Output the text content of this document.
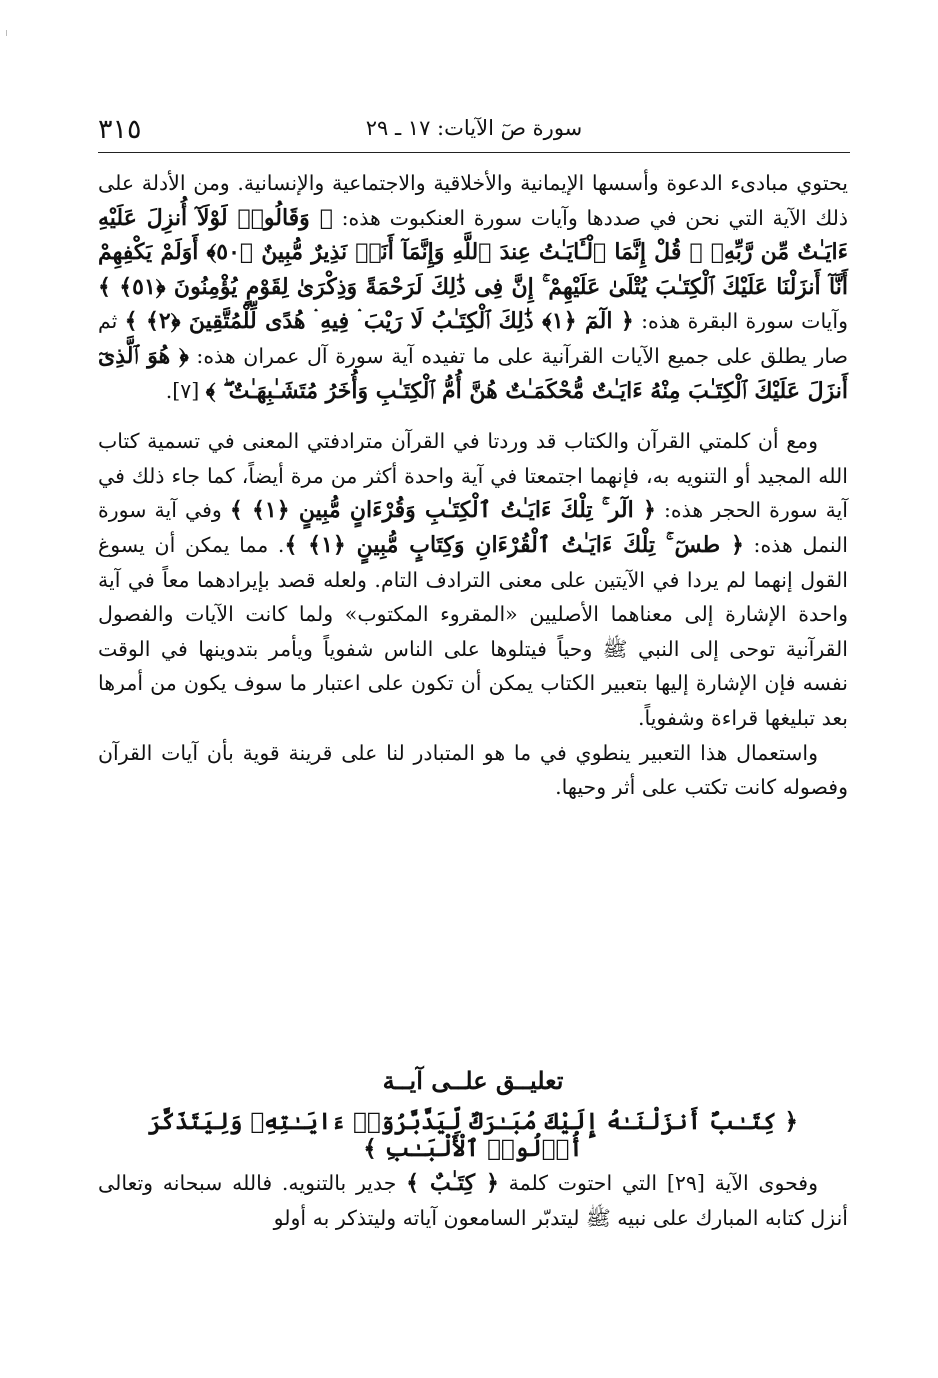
سورة صٓ الآيات: ١٧ ـ ٢٩
٣١٥

يحتوي مبادىء الدعوة وأسسها الإيمانية والأخلاقية والاجتماعية والإنسانية. ومن الأدلة على ذلك الآية التي نحن في صددها وآيات سورة العنكبوت هذه: ﴿ وَقَالُوا۟ لَوْلَآ أُنزِلَ عَلَيْهِ ءَايَـٰتٌ مِّن رَّبِّهِۦ ۖ قُلْ إِنَّمَا ٱلْـَٔايَـٰتُ عِندَ ٱللَّهِ وَإِنَّمَآ أَنَا۠ نَذِيرٌ مُّبِينٌ ﴿٥٠﴾ أَوَلَمْ يَكْفِهِمْ أَنَّآ أَنزَلْنَا عَلَيْكَ ٱلْكِتَـٰبَ يُتْلَىٰ عَلَيْهِمْ ۚ إِنَّ فِى ذَٰلِكَ لَرَحْمَةً وَذِكْرَىٰ لِقَوْمٍ يُؤْمِنُونَ ﴿٥١﴾ ﴾ وآيات سورة البقرة هذه: ﴿ الٓمٓ ﴿١﴾ ذَٰلِكَ ٱلْكِتَـٰبُ لَا رَيْبَ ۛ فِيهِ ۛ هُدًى لِّلْمُتَّقِينَ ﴿٢﴾ ﴾ ثم صار يطلق على جميع الآيات القرآنية على ما تفيده آية سورة آل عمران هذه: ﴿ هُوَ ٱلَّذِىٓ أَنزَلَ عَلَيْكَ ٱلْكِتَـٰبَ مِنْهُ ءَايَـٰتٌ مُّحْكَمَـٰتٌ هُنَّ أُمُّ ٱلْكِتَـٰبِ وَأُخَرُ مُتَشَـٰبِهَـٰتٌ ۖ ﴾ [٧].

ومع أن كلمتي القرآن والكتاب قد وردتا في القرآن مترادفتي المعنى في تسمية كتاب الله المجيد أو التنويه به، فإنهما اجتمعتا في آية واحدة أكثر من مرة أيضاً، كما جاء ذلك في آية سورة الحجر هذه: ﴿ الٓر ۚ تِلْكَ ءَايَـٰتُ ٱلْكِتَـٰبِ وَقُرْءَانٍ مُّبِينٍ ﴿١﴾ ﴾ وفي آية سورة النمل هذه: ﴿ طسٓ ۚ تِلْكَ ءَايَـٰتُ ٱلْقُرْءَانِ وَكِتَابٍ مُّبِينٍ ﴿١﴾ ﴾. مما يمكن أن يسوغ القول إنهما لم يردا في الآيتين على معنى الترادف التام. ولعله قصد بإيرادهما معاً في آية واحدة الإشارة إلى معناهما الأصليين «المقروء المكتوب» ولما كانت الآيات والفصول القرآنية توحى إلى النبي ﷺ وحياً فيتلوها على الناس شفوياً ويأمر بتدوينها في الوقت نفسه فإن الإشارة إليها بتعبير الكتاب يمكن أن تكون على اعتبار ما سوف يكون من أمرها بعد تبليغها قراءة وشفوياً.

واستعمال هذا التعبير ينطوي في ما هو المتبادر لنا على قرينة قوية بأن آيات القرآن وفصوله كانت تكتب على أثر وحيها.

تعليــق علــى آيــة
﴿ كِتَـٰبٌ أَنزَلْنَـٰهُ إِلَيْكَ مُبَـٰرَكٌ لِّيَدَّبَّرُوٓا۟ ءَايَـٰتِهِۦ وَلِيَتَذَكَّرَ أُو۟لُوا۟ ٱلْأَلْبَـٰبِ ﴾
وفحوى الآية [٢٩] التي احتوت كلمة ﴿ كِتَـٰبٌ ﴾ جدير بالتنويه. فالله سبحانه وتعالى أنزل كتابه المبارك على نبيه ﷺ ليتدبّر السامعون آياته وليتذكر به أولو
